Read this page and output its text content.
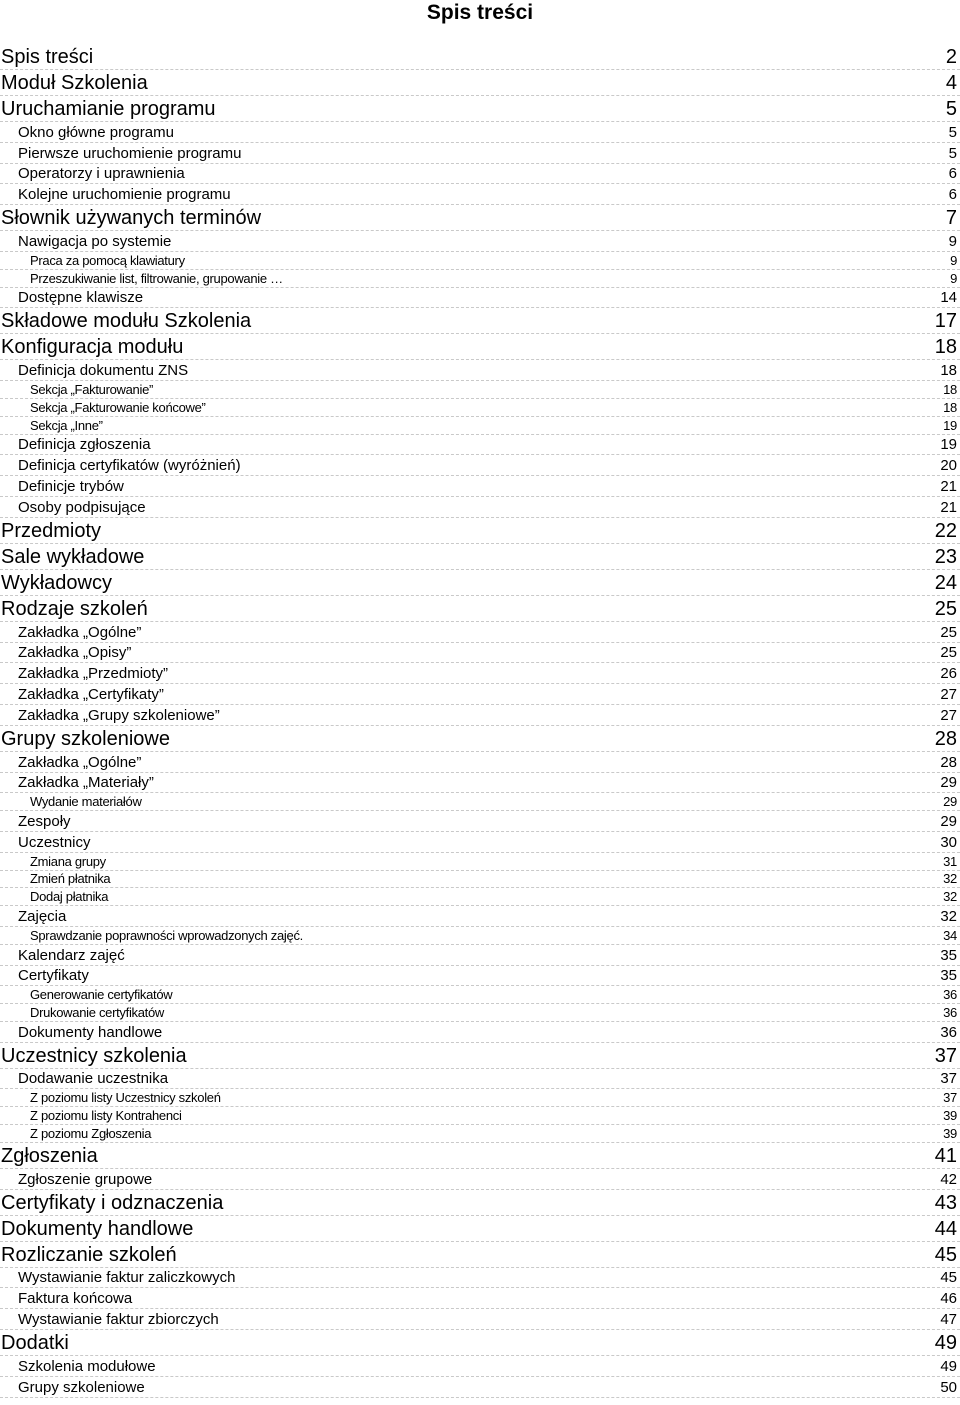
Spis treści
Spis treści	2
Moduł Szkolenia	4
Uruchamianie programu	5
Okno główne programu	5
Pierwsze uruchomienie programu	5
Operatorzy i uprawnienia	6
Kolejne uruchomienie programu	6
Słownik używanych terminów	7
Nawigacja po systemie	9
Praca za pomocą klawiatury	9
Przeszukiwanie list, filtrowanie, grupowanie …	9
Dostępne klawisze	14
Składowe modułu Szkolenia	17
Konfiguracja modułu	18
Definicja dokumentu ZNS	18
Sekcja „Fakturowanie”	18
Sekcja „Fakturowanie końcowe”	18
Sekcja „Inne”	19
Definicja zgłoszenia	19
Definicja certyfikatów (wyróżnień)	20
Definicje trybów	21
Osoby podpisujące	21
Przedmioty	22
Sale wykładowe	23
Wykładowcy	24
Rodzaje szkoleń	25
Zakładka „Ogólne”	25
Zakładka „Opisy”	25
Zakładka „Przedmioty”	26
Zakładka „Certyfikaty”	27
Zakładka „Grupy szkoleniowe”	27
Grupy szkoleniowe	28
Zakładka „Ogólne”	28
Zakładka „Materiały”	29
Wydanie materiałów	29
Zespoły	29
Uczestnicy	30
Zmiana grupy	31
Zmień płatnika	32
Dodaj płatnika	32
Zajęcia	32
Sprawdzanie poprawności wprowadzonych zajęć.	34
Kalendarz zajęć	35
Certyfikaty	35
Generowanie certyfikatów	36
Drukowanie certyfikatów	36
Dokumenty handlowe	36
Uczestnicy szkolenia	37
Dodawanie uczestnika	37
Z poziomu listy Uczestnicy szkoleń	37
Z poziomu listy Kontrahenci	39
Z poziomu Zgłoszenia	39
Zgłoszenia	41
Zgłoszenie grupowe	42
Certyfikaty i odznaczenia	43
Dokumenty handlowe	44
Rozliczanie szkoleń	45
Wystawianie faktur zaliczkowych	45
Faktura końcowa	46
Wystawianie faktur zbiorczych	47
Dodatki	49
Szkolenia modułowe	49
Grupy szkoleniowe	50
